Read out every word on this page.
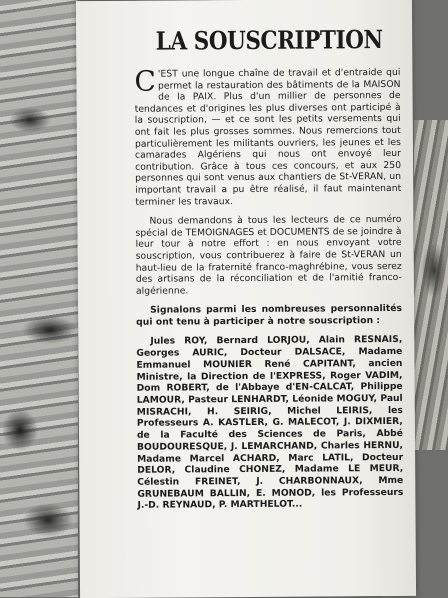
LA SOUSCRIPTION

C 'EST une longue chaîne de travail et d'entraide qui permet la restauration des bâtiments de la MAISON de la PAIX. Plus d'un millier de personnes de tendances et d'origines les plus diverses ont participé à la souscription, — et ce sont les petits versements qui ont fait les plus grosses sommes. Nous remercions tout particulièrement les militants ouvriers, les jeunes et les camarades Algériens qui nous ont envoyé leur contribution. Grâce à tous ces concours, et aux 250 personnes qui sont venus aux chantiers de St-VERAN, un important travail a pu être réalisé, il faut maintenant terminer les travaux.

Nous demandons à tous les lecteurs de ce numéro spécial de TEMOIGNAGES et DOCUMENTS de se joindre à leur tour à notre effort : en nous envoyant votre souscription, vous contribuerez à faire de St-VERAN un haut-lieu de la fraternité franco-maghrébine, vous serez des artisans de la réconciliation et de l'amitié franco-algérienne.

Signalons parmi les nombreuses personnalités qui ont tenu à participer à notre souscription :

Jules ROY, Bernard LORJOU, Alain RESNAIS, Georges AURIC, Docteur DALSACE, Madame Emmanuel MOUNIER René CAPITANT, ancien Ministre, la Direction de l'EXPRESS, Roger VADIM, Dom ROBERT, de l'Abbaye d'EN-CALCAT, Philippe LAMOUR, Pasteur LENHARDT, Léonide MOGUY, Paul MISRACHI, H. SEIRIG, Michel LEIRIS, les Professeurs A. KASTLER, G. MALECOT, J. DIXMIER, de la Faculté des Sciences de Paris, Abbé BOUDOURESQUE, J. LEMARCHAND, Charles HERNU, Madame Marcel ACHARD, Marc LATIL, Docteur DELOR, Claudine CHONEZ, Madame LE MEUR, Célestin FREINET, J. CHARBONNAUX, Mme GRUNEBAUM BALLIN, E. MONOD, les Professeurs J.-D. REYNAUD, P. MARTHELOT...
